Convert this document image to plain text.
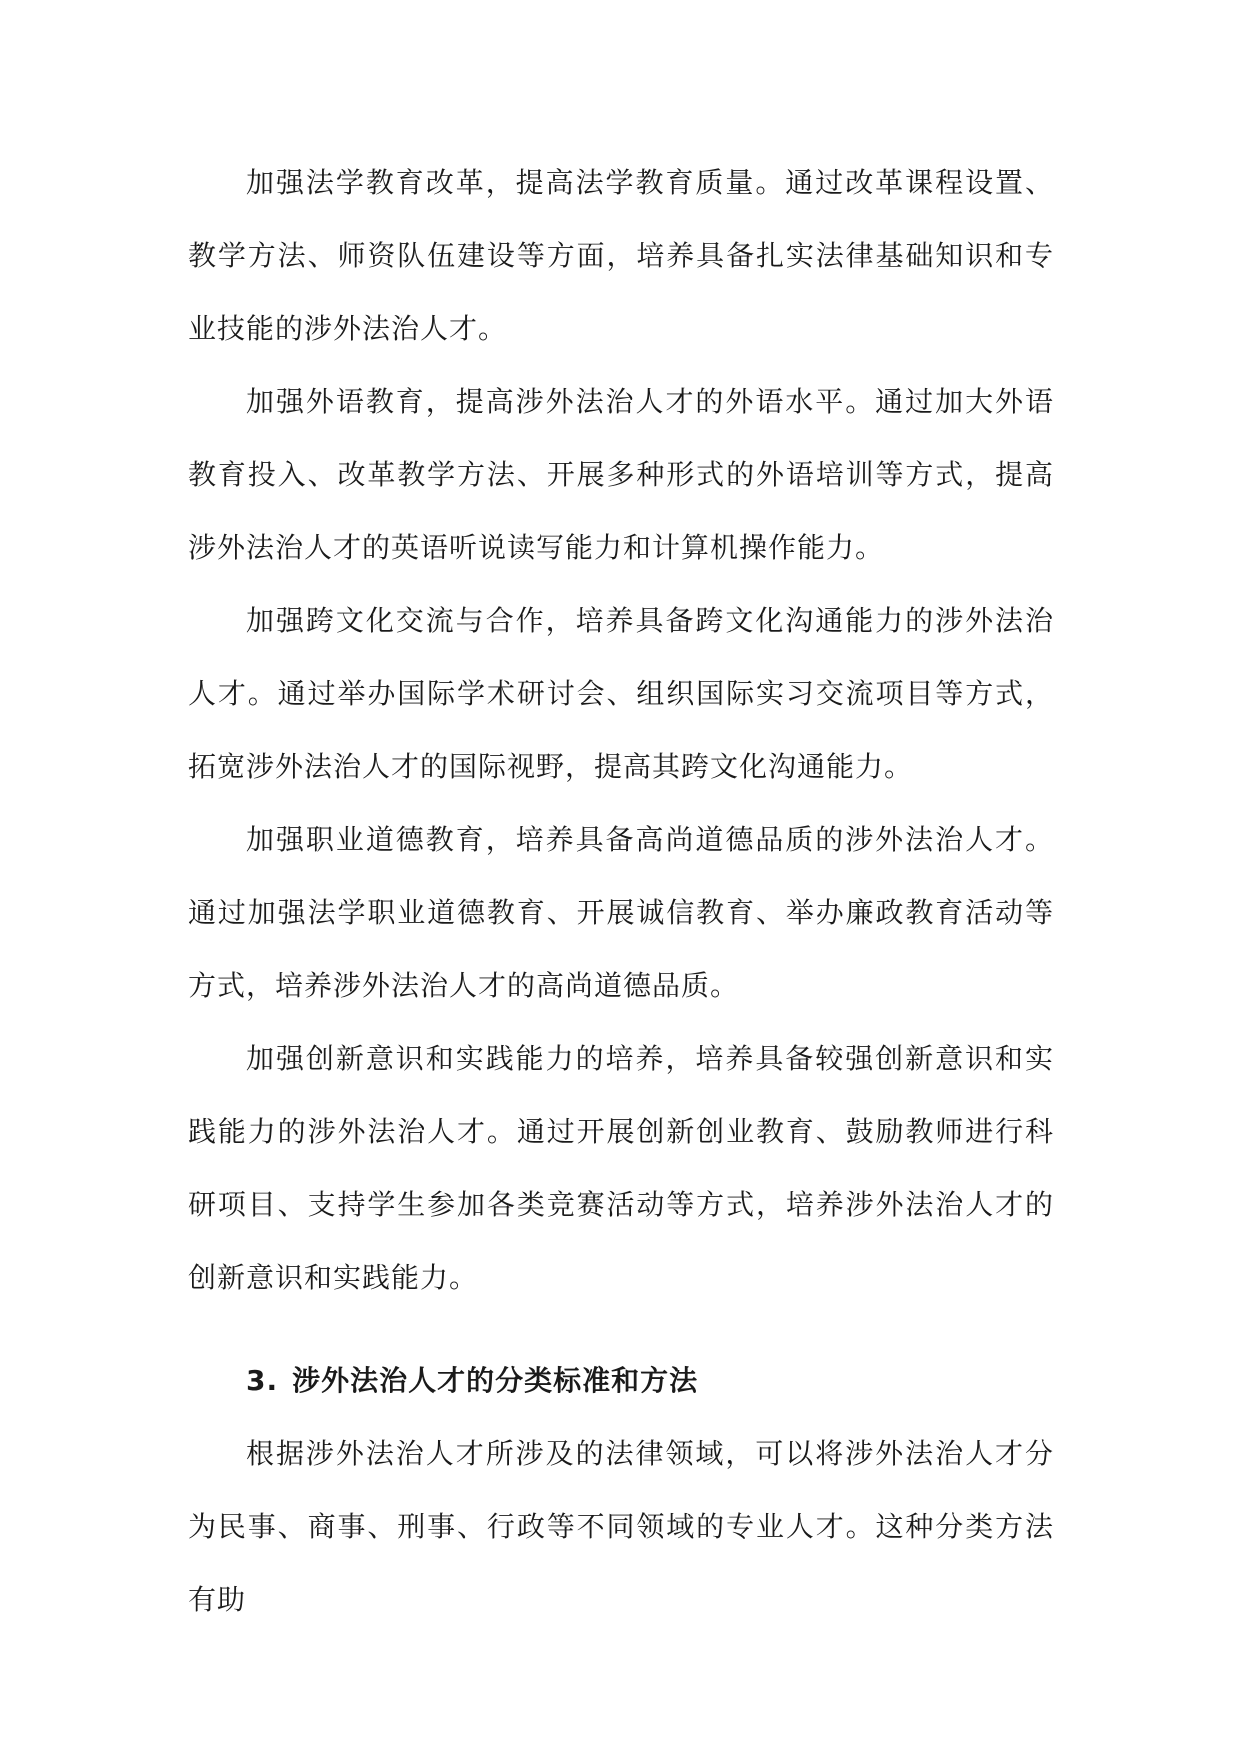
加强法学教育改革，提高法学教育质量。通过改革课程设置、教学方法、师资队伍建设等方面，培养具备扎实法律基础知识和专业技能的涉外法治人才。

加强外语教育，提高涉外法治人才的外语水平。通过加大外语教育投入、改革教学方法、开展多种形式的外语培训等方式，提高涉外法治人才的英语听说读写能力和计算机操作能力。

加强跨文化交流与合作，培养具备跨文化沟通能力的涉外法治人才。通过举办国际学术研讨会、组织国际实习交流项目等方式，拓宽涉外法治人才的国际视野，提高其跨文化沟通能力。

加强职业道德教育，培养具备高尚道德品质的涉外法治人才。通过加强法学职业道德教育、开展诚信教育、举办廉政教育活动等方式，培养涉外法治人才的高尚道德品质。

加强创新意识和实践能力的培养，培养具备较强创新意识和实践能力的涉外法治人才。通过开展创新创业教育、鼓励教师进行科研项目、支持学生参加各类竞赛活动等方式，培养涉外法治人才的创新意识和实践能力。

3. 涉外法治人才的分类标准和方法

根据涉外法治人才所涉及的法律领域，可以将涉外法治人才分为民事、商事、刑事、行政等不同领域的专业人才。这种分类方法有助
